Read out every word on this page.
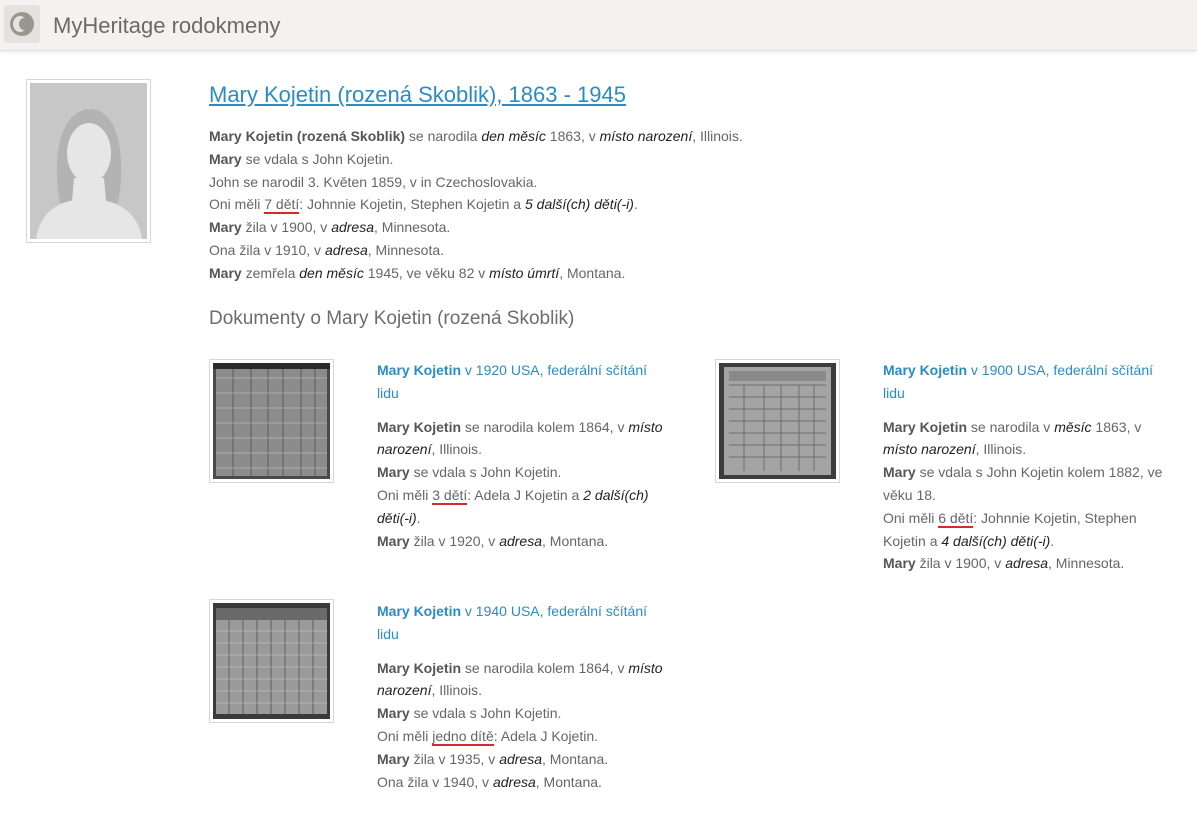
MyHeritage rodokmeny
Mary Kojetin (rozená Skoblik), 1863 - 1945
Mary Kojetin (rozená Skoblik) se narodila den měsíc 1863, v místo narození, Illinois.
Mary se vdala s John Kojetin.
John se narodil 3. Květen 1859, v in Czechoslovakia.
Oni měli 7 dětí: Johnnie Kojetin, Stephen Kojetin a 5 další(ch) děti(-i).
Mary žila v 1900, v adresa, Minnesota.
Ona žila v 1910, v adresa, Minnesota.
Mary zemřela den měsíc 1945, ve věku 82 v místo úmrtí, Montana.
Dokumenty o Mary Kojetin (rozená Skoblik)
Mary Kojetin v 1920 USA, federální sčítání
lidu
Mary Kojetin se narodila kolem 1864, v místo
narození, Illinois.
Mary se vdala s John Kojetin.
Oni měli 3 dětí: Adela J Kojetin a 2 další(ch)
děti(-i).
Mary žila v 1920, v adresa, Montana.
Mary Kojetin v 1900 USA, federální sčítání
lidu
Mary Kojetin se narodila v měsíc 1863, v
místo narození, Illinois.
Mary se vdala s John Kojetin kolem 1882, ve
věku 18.
Oni měli 6 dětí: Johnnie Kojetin, Stephen
Kojetin a 4 další(ch) děti(-i).
Mary žila v 1900, v adresa, Minnesota.
Mary Kojetin v 1940 USA, federální sčítání
lidu
Mary Kojetin se narodila kolem 1864, v místo
narození, Illinois.
Mary se vdala s John Kojetin.
Oni měli jedno dítě: Adela J Kojetin.
Mary žila v 1935, v adresa, Montana.
Ona žila v 1940, v adresa, Montana.
